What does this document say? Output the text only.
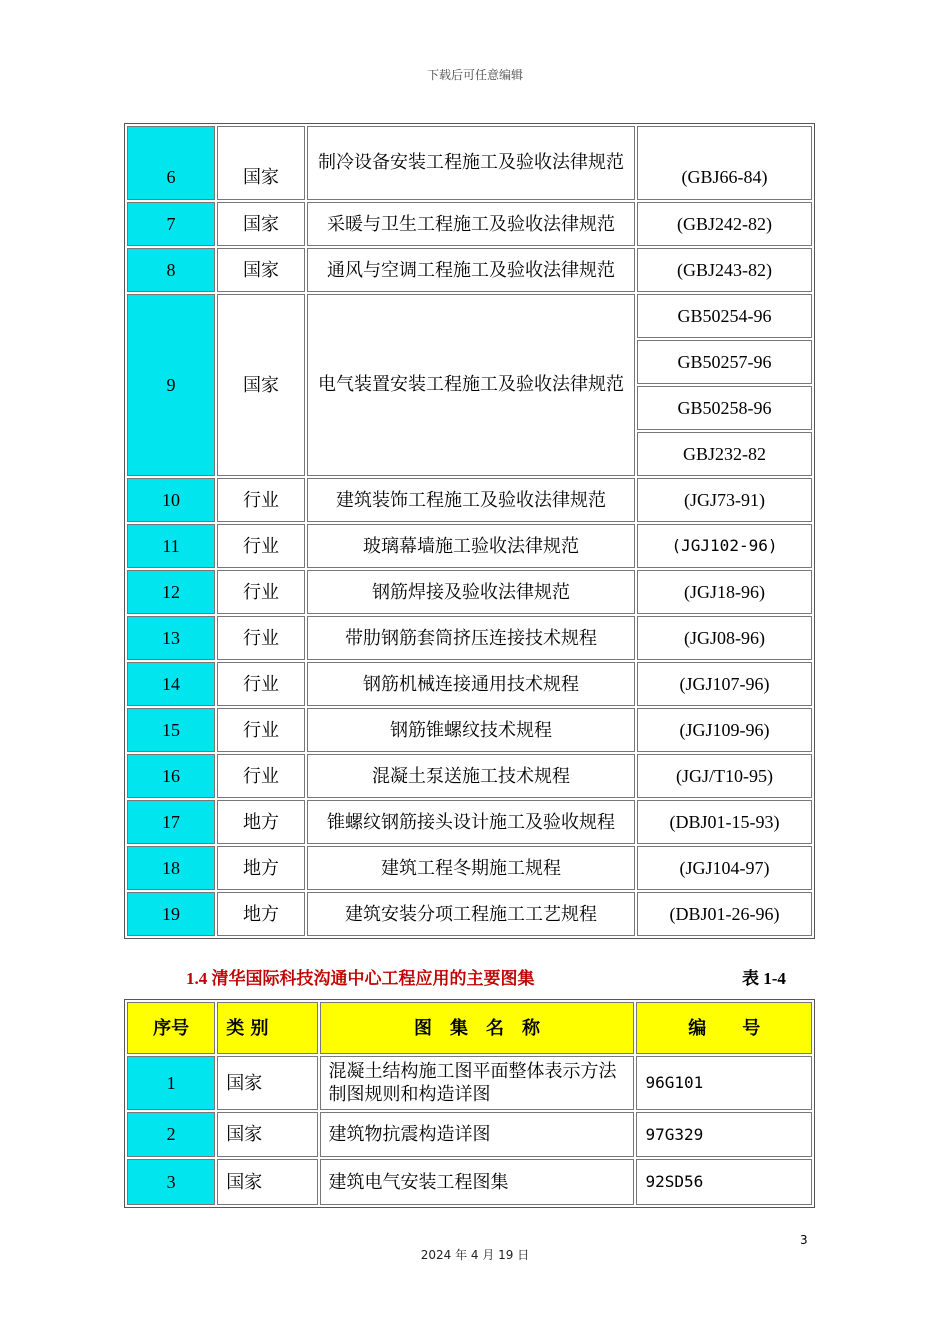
下载后可任意编辑
6	国家	制冷设备安装工程施工及验收法律规范	(GBJ66-84)
7	国家	采暖与卫生工程施工及验收法律规范	(GBJ242-82)
8	国家	通风与空调工程施工及验收法律规范	(GBJ243-82)
9	国家	电气装置安装工程施工及验收法律规范	GB50254-96
			GB50257-96
			GB50258-96
			GBJ232-82
10	行业	建筑装饰工程施工及验收法律规范	(JGJ73-91)
11	行业	玻璃幕墙施工验收法律规范	(JGJ102-96)
12	行业	钢筋焊接及验收法律规范	(JGJ18-96)
13	行业	带肋钢筋套筒挤压连接技术规程	(JGJ08-96)
14	行业	钢筋机械连接通用技术规程	(JGJ107-96)
15	行业	钢筋锥螺纹技术规程	(JGJ109-96)
16	行业	混凝土泵送施工技术规程	(JGJ/T10-95)
17	地方	锥螺纹钢筋接头设计施工及验收规程	(DBJ01-15-93)
18	地方	建筑工程冬期施工规程	(JGJ104-97)
19	地方	建筑安装分项工程施工工艺规程	(DBJ01-26-96)
1.4 清华国际科技沟通中心工程应用的主要图集	表 1-4
序号	类 别	图　集　名　称	编　　号
1	国家	混凝土结构施工图平面整体表示方法制图规则和构造详图	96G101
2	国家	建筑物抗震构造详图	97G329
3	国家	建筑电气安装工程图集	92SD56
3
2024 年 4 月 19 日
